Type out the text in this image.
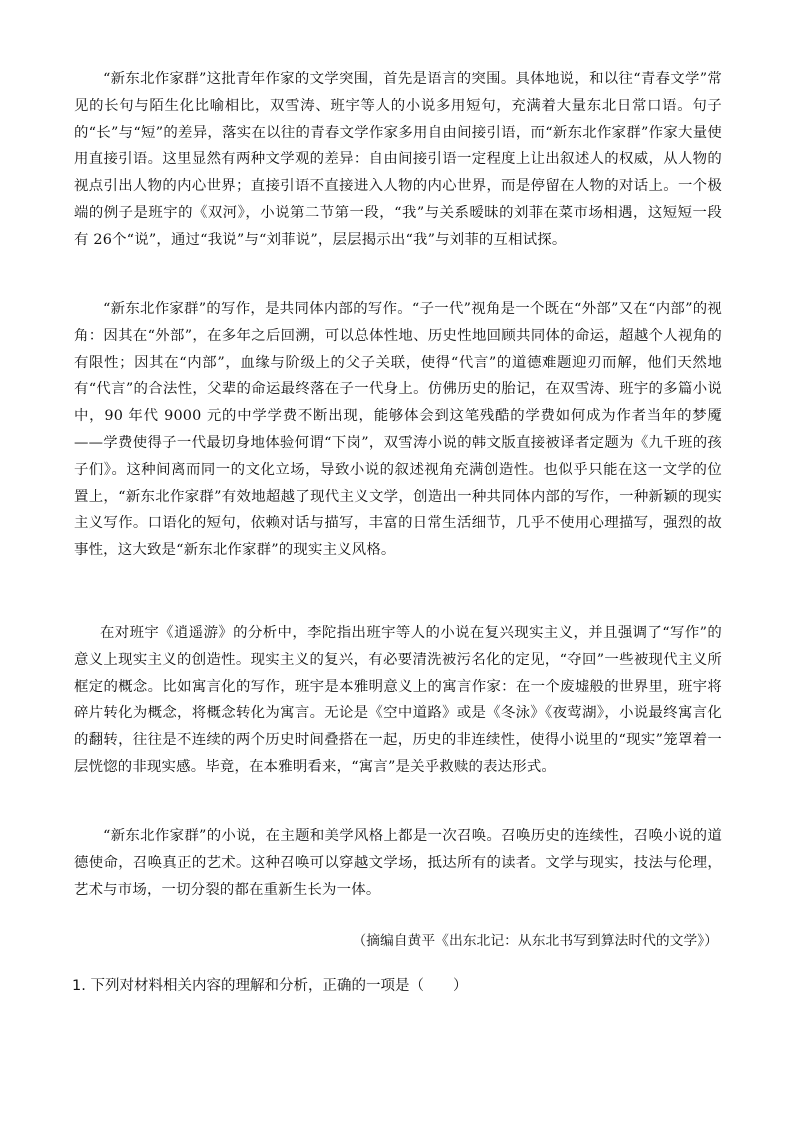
“新东北作家群”这批青年作家的文学突围，首先是语言的突围。具体地说，和以往“青春文学”常见的长句与陌生化比喻相比，双雪涛、班宇等人的小说多用短句，充满着大量东北日常口语。句子的“长”与“短”的差异，落实在以往的青春文学作家多用自由间接引语，而“新东北作家群”作家大量使用直接引语。这里显然有两种文学观的差异：自由间接引语一定程度上让出叙述人的权威，从人物的视点引出人物的内心世界；直接引语不直接进入人物的内心世界，而是停留在人物的对话上。一个极端的例子是班宇的《双河》，小说第二节第一段，“我”与关系暧昧的刘菲在菜市场相遇，这短短一段有 26个“说”，通过“我说”与“刘菲说”，层层揭示出“我”与刘菲的互相试探。

“新东北作家群”的写作，是共同体内部的写作。“子一代”视角是一个既在“外部”又在“内部”的视角：因其在“外部”，在多年之后回溯，可以总体性地、历史性地回顾共同体的命运，超越个人视角的有限性；因其在“内部”，血缘与阶级上的父子关联，使得“代言”的道德难题迎刃而解，他们天然地有“代言”的合法性，父辈的命运最终落在子一代身上。仿佛历史的胎记，在双雪涛、班宇的多篇小说中，90 年代 9000 元的中学学费不断出现，能够体会到这笔残酷的学费如何成为作者当年的梦魇——学费使得子一代最切身地体验何谓“下岗”，双雪涛小说的韩文版直接被译者定题为《九千班的孩子们》。这种间离而同一的文化立场，导致小说的叙述视角充满创造性。也似乎只能在这一文学的位置上，“新东北作家群”有效地超越了现代主义文学，创造出一种共同体内部的写作，一种新颖的现实主义写作。口语化的短句，依赖对话与描写，丰富的日常生活细节，几乎不使用心理描写，强烈的故事性，这大致是“新东北作家群”的现实主义风格。

在对班宇《逍遥游》的分析中，李陀指出班宇等人的小说在复兴现实主义，并且强调了“写作”的意义上现实主义的创造性。现实主义的复兴，有必要清洗被污名化的定见，“夺回”一些被现代主义所框定的概念。比如寓言化的写作，班宇是本雅明意义上的寓言作家：在一个废墟般的世界里，班宇将碎片转化为概念，将概念转化为寓言。无论是《空中道路》或是《冬泳》《夜莺湖》，小说最终寓言化的翻转，往往是不连续的两个历史时间叠搭在一起，历史的非连续性，使得小说里的“现实”笼罩着一层恍惚的非现实感。毕竟，在本雅明看来，“寓言”是关乎救赎的表达形式。

“新东北作家群”的小说，在主题和美学风格上都是一次召唤。召唤历史的连续性，召唤小说的道德使命，召唤真正的艺术。这种召唤可以穿越文学场，抵达所有的读者。文学与现实，技法与伦理，艺术与市场，一切分裂的都在重新生长为一体。

（摘编自黄平《出东北记：从东北书写到算法时代的文学》）
1. 下列对材料相关内容的理解和分析，正确的一项是（　　）
